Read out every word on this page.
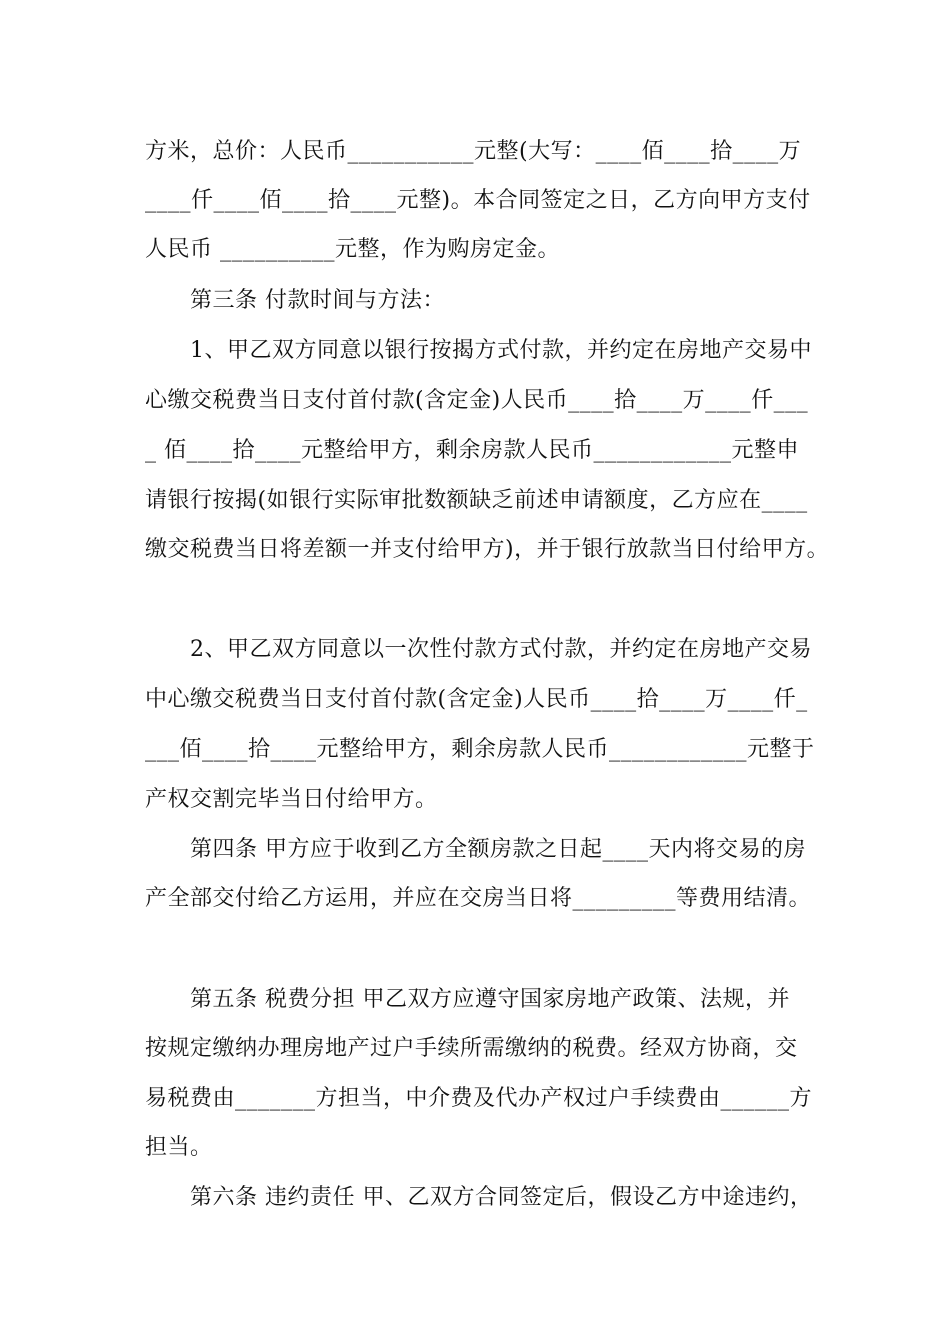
方米，总价：人民币___________元整(大写：____佰____拾____万
____仟____佰____拾____元整)。本合同签定之日，乙方向甲方支付
人民币 __________元整，作为购房定金。
第三条 付款时间与方法：
1、甲乙双方同意以银行按揭方式付款，并约定在房地产交易中
心缴交税费当日支付首付款(含定金)人民币____拾____万____仟___
_ 佰____拾____元整给甲方，剩余房款人民币____________元整申
请银行按揭(如银行实际审批数额缺乏前述申请额度，乙方应在____
缴交税费当日将差额一并支付给甲方)，并于银行放款当日付给甲方。
2、甲乙双方同意以一次性付款方式付款，并约定在房地产交易
中心缴交税费当日支付首付款(含定金)人民币____拾____万____仟_
___佰____拾____元整给甲方，剩余房款人民币____________元整于
产权交割完毕当日付给甲方。
第四条 甲方应于收到乙方全额房款之日起____天内将交易的房
产全部交付给乙方运用，并应在交房当日将_________等费用结清。
第五条 税费分担 甲乙双方应遵守国家房地产政策、法规，并
按规定缴纳办理房地产过户手续所需缴纳的税费。经双方协商，交
易税费由_______方担当，中介费及代办产权过户手续费由______方
担当。
第六条 违约责任 甲、乙双方合同签定后，假设乙方中途违约，
